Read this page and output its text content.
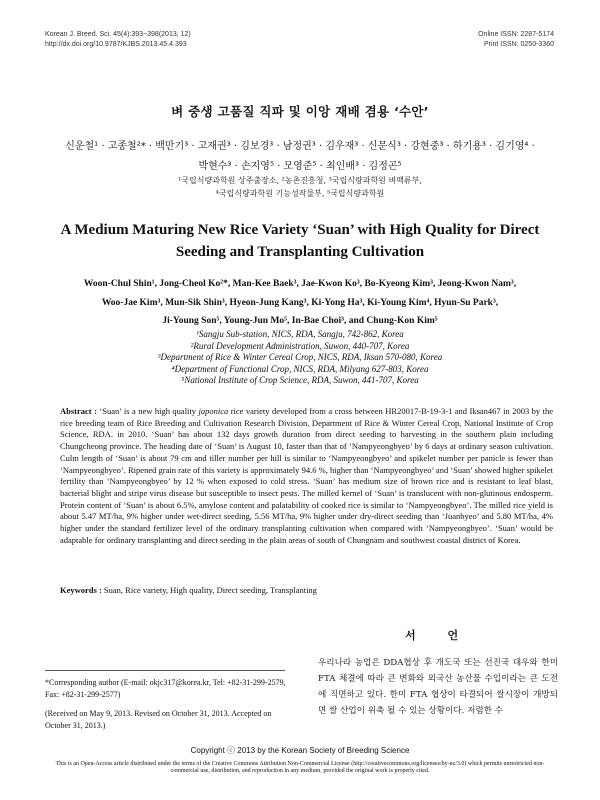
Korean J. Breed. Sci. 45(4):393~398(2013, 12)
http://dx.doi.org/10.9787/KJBS.2013.45.4.393
Online ISSN: 2287-5174
Print ISSN: 0250-3360
벼 중생 고품질 직파 및 이앙 재배 겸용 ‘수안’
신운철¹ · 고종철²* · 백만기³ · 고재권³ · 김보경³ · 남정권³ · 김우재³ · 신문식³ · 강현중³ · 하기용³ · 김기영⁴ ·
박현수³ · 손지영⁵ · 모영준⁵ · 최인배³ · 김정곤⁵
¹국립식량과학원 상주출장소, ²농촌진흥청, ³국립식량과학원 벼맥류부,
⁴국립식량과학원 기능성작물부, ⁵국립식량과학원
A Medium Maturing New Rice Variety ‘Suan’ with High Quality for Direct
Seeding and Transplanting Cultivation
Woon-Chul Shin¹, Jong-Cheol Ko²*, Man-Kee Baek³, Jae-Kwon Ko³, Bo-Kyeong Kim³, Jeong-Kwon Nam³,
Woo-Jae Kim³, Mun-Sik Shin³, Hyeon-Jung Kang³, Ki-Yong Ha³, Ki-Young Kim⁴, Hyun-Su Park³,
Ji-Young Son⁵, Young-Jun Mo⁵, In-Bae Choi³, and Chung-Kon Kim⁵
¹Sangju Sub-station, NICS, RDA, Sangju, 742-862, Korea
²Rural Development Administration, Suwon, 440-707, Korea
³Department of Rice & Winter Cereal Crop, NICS, RDA, Iksan 570-080, Korea
⁴Department of Functional Crop, NICS, RDA, Milyang 627-803, Korea
⁵National Institute of Crop Science, RDA, Suwon, 441-707, Korea
Abstract : ‘Suan’ is a new high quality japonica rice variety developed from a cross between HR20017-B-19-3-1 and Iksan467 in 2003 by the rice breeding team of Rice Breeding and Cultivation Research Division, Department of Rice & Winter Cereal Crop, National Institute of Crop Science, RDA. in 2010. ‘Suan’ has about 132 days growth duration from direct seeding to harvesting in the southern plain including Chungcheong province. The heading date of ‘Suan’ is August 10, faster than that of ‘Nampyeongbyeo’ by 6 days at ordinary season cultivation. Culm length of ‘Suan’ is about 79 cm and tiller number per hill is similar to ‘Nampyeongbyeo’ and spikelet number per panicle is fewer than ‘Nampyeongbyeo’. Ripened grain rate of this variety is approximately 94.6 %, higher than ‘Nampyeongbyeo’ and ‘Suan’ showed higher spikelet fertility than ‘Nampyeongbyeo’ by 12 % when exposed to cold stress. ‘Suan’ has medium size of brown rice and is resistant to leaf blast, bacterial blight and stripe virus disease but susceptible to insect pests. The milled kernel of ‘Suan’ is translucent with non-glutinous endosperm. Protein content of ‘Suan’ is about 6.5%, amylose content and palatability of cooked rice is similar to ‘Nampyeongbyeo’. The milled rice yield is about 5.47 MT/ha, 9% higher under wet-direct seeding, 5.56 MT/ha, 9% higher under dry-direct seeding than ‘Juanbyeo’ and 5.80 MT/ha, 4% higher under the standard fertilizer level of the ordinary transplanting cultivation when compared with ‘Nampyeongbyeo’. ‘Suan’ would be adaptable for ordinary transplanting and direct seeding in the plain areas of south of Chungnam and southwest coastal district of Korea.
Keywords : Suan, Rice variety, High quality, Direct seeding, Transplanting
서 언
우리나라 농업은 DDA협상 후 개도국 또는 선진국 대우와 한미 FTA 체결에 따라 큰 변화와 외국산 농산물 수입이라는 큰 도전에 직면하고 있다. 한미 FTA 협상이 타결되어 쌀시장이 개방되면 쌀 산업이 위축 될 수 있는 상황이다. 저렴한 수
*Corresponding author (E-mail: okjc317@korea.kr, Tel: +82-31-299-2579, Fax: +82-31-299-2577)
(Received on May 9, 2013. Revised on October 31, 2013. Accepted on October 31, 2013.)
Copyright ⓒ 2013 by the Korean Society of Breeding Science
This is an Open-Access article distributed under the terms of the Creative Commons Attribution Non-Commercial License (http://creativecommons.org/licenses/by-nc/3.0) which permits unrestricted non-commercial use, distribution, and reproduction in any medium, provided the original work is properly cited.
